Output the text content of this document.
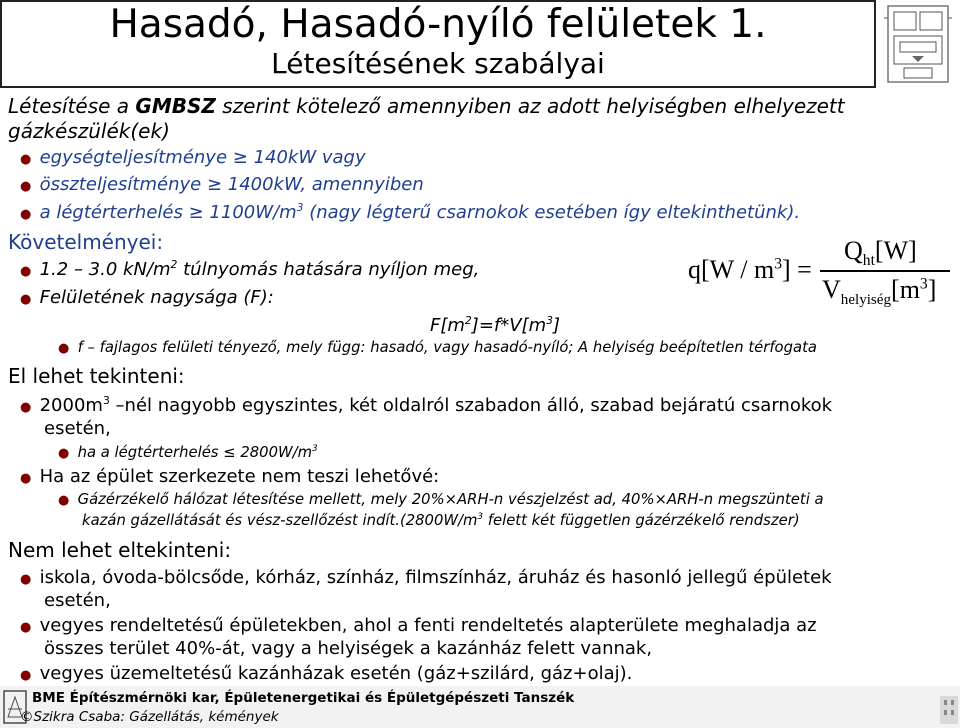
Hasadó, Hasadó-nyíló felületek 1.
Létesítésének szabályai
Létesítése a GMBSZ szerint kötelező amennyiben az adott helyiségben elhelyezett
gázkészülék(ek)
●  egységteljesítménye ≥ 140kW vagy
●  összteljesítménye ≥ 1400kW, amennyiben
●  a légtérterhelés ≥ $1100W/m^3$ (nagy légterű csarnokok esetében így eltekinthetünk).
Követelményei:
●  1.2 – 3.0 $kN/m^2$ túlnyomás hatására nyíljon meg,
●  Felületének nagysága (F):
$q[W / m^3]$ =
$Q_{ht}[W]$
$V_{helyiség}[m^3]$
$F[m^2]=f*V[m^3]$
●  f – fajlagos felületi tényező, mely függ: hasadó, vagy hasadó-nyíló; A helyiség beépítetlen térfogata
El lehet tekinteni:
●  $2000m^3$ –nél nagyobb egyszintes, két oldalról szabadon álló, szabad bejáratú csarnokok
esetén,
●  ha a légtérterhelés ≤ $2800W/m^3$
●  Ha az épület szerkezete nem teszi lehetővé:
●  Gázérzékelő hálózat létesítése mellett, mely 20%×ARH-n vészjelzést ad, 40%×ARH-n megszünteti a
kazán gázellátását és vész-szellőzést $indít.(2800W/m^3$ felett két független gázérzékelő rendszer)
Nem lehet eltekinteni:
●  iskola, óvoda-bölcsőde, kórház, színház, filmszínház, áruház és hasonló jellegű épületek
esetén,
●  vegyes rendeltetésű épületekben, ahol a fenti rendeltetés alapterülete meghaladja az
összes terület 40%-át, vagy a helyiségek a kazánház felett vannak,
●  vegyes üzemeltetésű kazánházak esetén (gáz+szilárd, gáz+olaj).
BME Építészmérnöki kar, Épületenergetikai és Épületgépészeti Tanszék
©Szikra Csaba: Gázellátás, kémények
